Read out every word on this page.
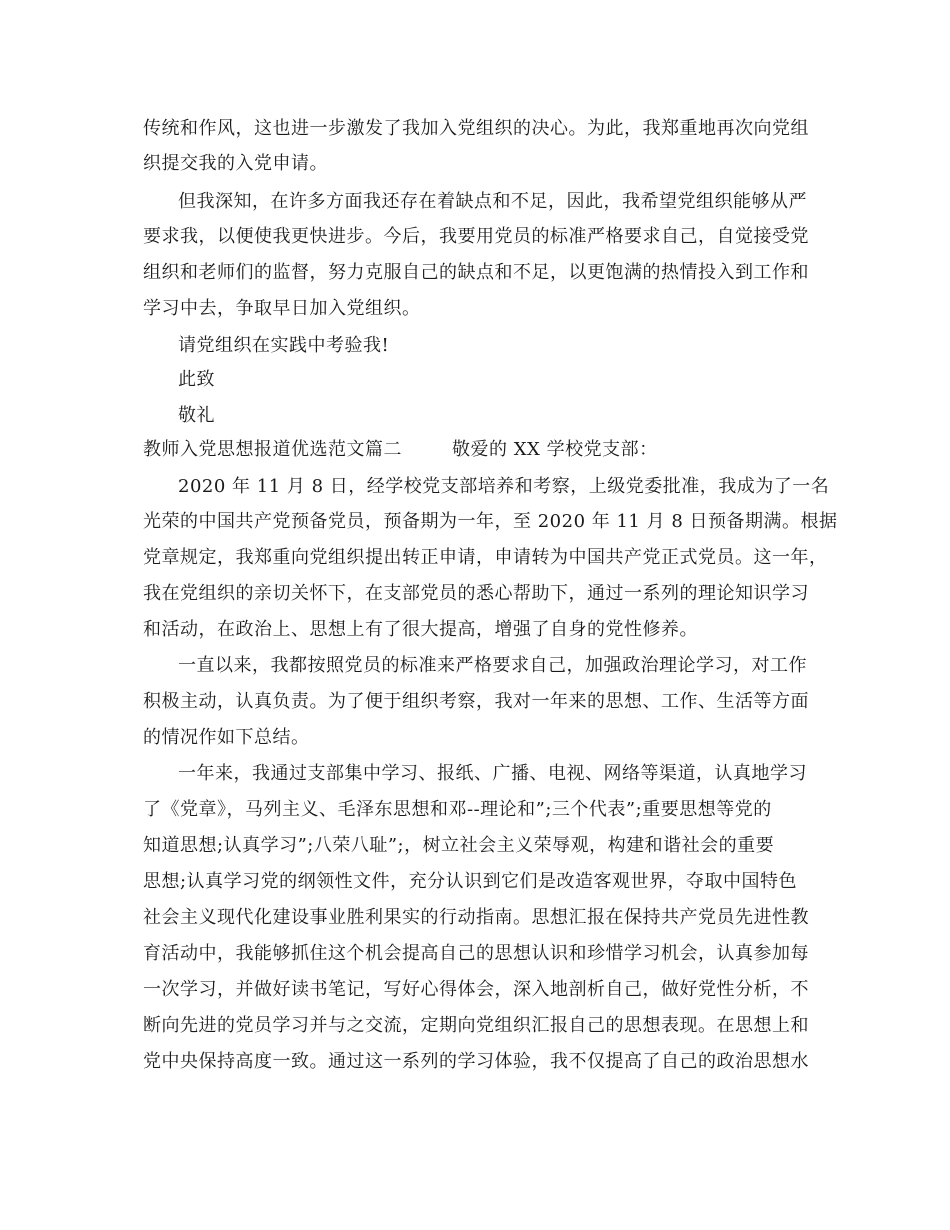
传统和作风，这也进一步激发了我加入党组织的决心。为此，我郑重地再次向党组
织提交我的入党申请。
但我深知，在许多方面我还存在着缺点和不足，因此，我希望党组织能够从严
要求我，以便使我更快进步。今后，我要用党员的标准严格要求自己，自觉接受党
组织和老师们的监督，努力克服自己的缺点和不足，以更饱满的热情投入到工作和
学习中去，争取早日加入党组织。
请党组织在实践中考验我!
此致
敬礼
教师入党思想报道优选范文篇二	敬爱的 XX 学校党支部：
2020 年 11 月 8 日，经学校党支部培养和考察，上级党委批准，我成为了一名
光荣的中国共产党预备党员，预备期为一年，至 2020 年 11 月 8 日预备期满。根据
党章规定，我郑重向党组织提出转正申请，申请转为中国共产党正式党员。这一年，
我在党组织的亲切关怀下，在支部党员的悉心帮助下，通过一系列的理论知识学习
和活动，在政治上、思想上有了很大提高，增强了自身的党性修养。
一直以来，我都按照党员的标准来严格要求自己，加强政治理论学习，对工作
积极主动，认真负责。为了便于组织考察，我对一年来的思想、工作、生活等方面
的情况作如下总结。
一年来，我通过支部集中学习、报纸、广播、电视、网络等渠道，认真地学习
了《党章》，马列主义、毛泽东思想和邓--理论和”;三个代表”;重要思想等党的
知道思想;认真学习”;八荣八耻”;，树立社会主义荣辱观，构建和谐社会的重要
思想;认真学习党的纲领性文件，充分认识到它们是改造客观世界，夺取中国特色
社会主义现代化建设事业胜利果实的行动指南。思想汇报在保持共产党员先进性教
育活动中，我能够抓住这个机会提高自己的思想认识和珍惜学习机会，认真参加每
一次学习，并做好读书笔记，写好心得体会，深入地剖析自己，做好党性分析，不
断向先进的党员学习并与之交流，定期向党组织汇报自己的思想表现。在思想上和
党中央保持高度一致。通过这一系列的学习体验，我不仅提高了自己的政治思想水
